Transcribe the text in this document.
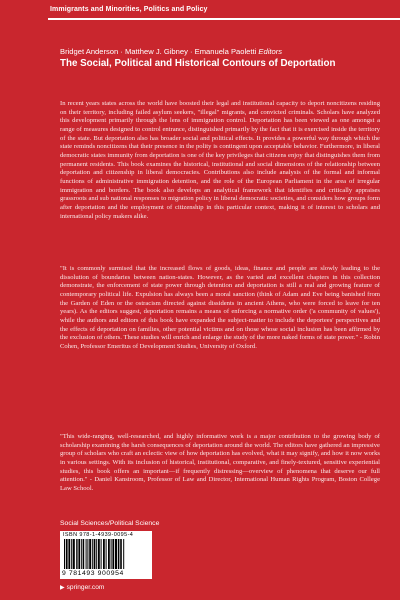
Immigrants and Minorities, Politics and Policy
Bridget Anderson · Matthew J. Gibney · Emanuela Paoletti Editors
The Social, Political and Historical Contours of Deportation
In recent years states across the world have boosted their legal and institutional capacity to deport noncitizens residing on their territory, including failed asylum seekers, "illegal" migrants, and convicted criminals. Scholars have analyzed this development primarily through the lens of immigration control. Deportation has been viewed as one amongst a range of measures designed to control entrance, distinguished primarily by the fact that it is exercised inside the territory of the state. But deportation also has broader social and political effects. It provides a powerful way through which the state reminds noncitizens that their presence in the polity is contingent upon acceptable behavior. Furthermore, in liberal democratic states immunity from deportation is one of the key privileges that citizens enjoy that distinguishes them from permanent residents. This book examines the historical, institutional and social dimensions of the relationship between deportation and citizenship in liberal democracies. Contributions also include analysis of the formal and informal functions of administrative immigration detention, and the role of the European Parliament in the area of irregular immigration and borders. The book also develops an analytical framework that identifies and critically appraises grassroots and sub national responses to migration policy in liberal democratic societies, and considers how groups form after deportation and the employment of citizenship in this particular context, making it of interest to scholars and international policy makers alike.
"It is commonly surmised that the increased flows of goods, ideas, finance and people are slowly leading to the dissolution of boundaries between nation-states. However, as the varied and excellent chapters in this collection demonstrate, the enforcement of state power through detention and deportation is still a real and growing feature of contemporary political life. Expulsion has always been a moral sanction (think of Adam and Eve being banished from the Garden of Eden or the ostracism directed against dissidents in ancient Athens, who were forced to leave for ten years). As the editors suggest, deportation remains a means of enforcing a normative order ('a community of values'), while the authors and editors of this book have expanded the subject-matter to include the deportees' perspectives and the effects of deportation on families, other potential victims and on those whose social inclusion has been affirmed by the exclusion of others. These studies will enrich and enlarge the study of the more naked forms of state power." - Robin Cohen, Professor Emeritus of Development Studies, University of Oxford.
"This wide-ranging, well-researched, and highly informative work is a major contribution to the growing body of scholarship examining the harsh consequences of deportation around the world. The editors have gathered an impressive group of scholars who craft an eclectic view of how deportation has evolved, what it may signify, and how it now works in various settings. With its inclusion of historical, institutional, comparative, and finely-textured, sensitive experiential studies, this book offers an important—if frequently distressing—overview of phenomena that deserve our full attention." - Daniel Kanstroom, Professor of Law and Director, International Human Rights Program, Boston College Law School.
Social Sciences/Political Science
ISBN 978-1-4939-0095-4
9 781493 900954
▶ springer.com
